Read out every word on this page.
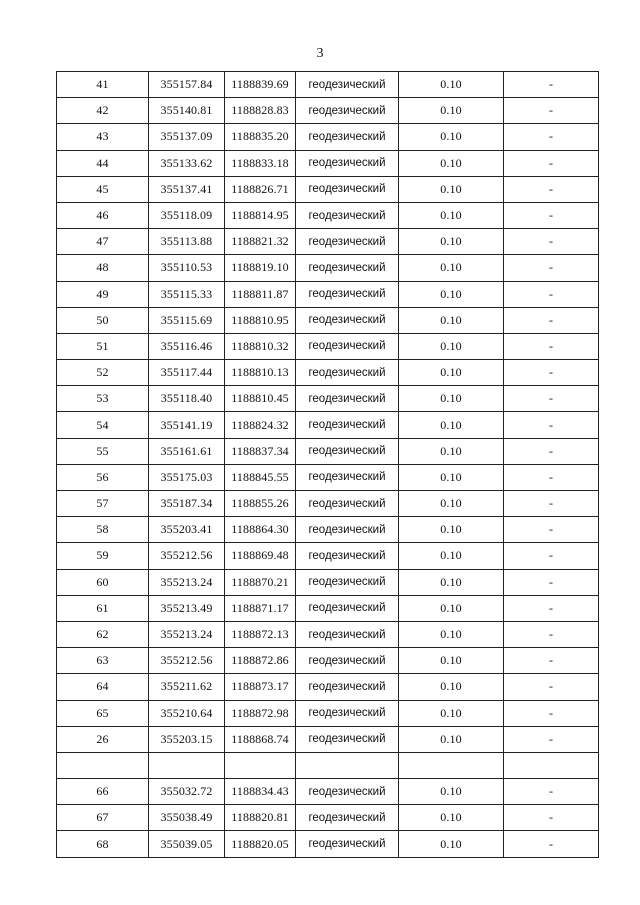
3
41	355157.84	1188839.69	геодезический	0.10	-
42	355140.81	1188828.83	геодезический	0.10	-
43	355137.09	1188835.20	геодезический	0.10	-
44	355133.62	1188833.18	геодезический	0.10	-
45	355137.41	1188826.71	геодезический	0.10	-
46	355118.09	1188814.95	геодезический	0.10	-
47	355113.88	1188821.32	геодезический	0.10	-
48	355110.53	1188819.10	геодезический	0.10	-
49	355115.33	1188811.87	геодезический	0.10	-
50	355115.69	1188810.95	геодезический	0.10	-
51	355116.46	1188810.32	геодезический	0.10	-
52	355117.44	1188810.13	геодезический	0.10	-
53	355118.40	1188810.45	геодезический	0.10	-
54	355141.19	1188824.32	геодезический	0.10	-
55	355161.61	1188837.34	геодезический	0.10	-
56	355175.03	1188845.55	геодезический	0.10	-
57	355187.34	1188855.26	геодезический	0.10	-
58	355203.41	1188864.30	геодезический	0.10	-
59	355212.56	1188869.48	геодезический	0.10	-
60	355213.24	1188870.21	геодезический	0.10	-
61	355213.49	1188871.17	геодезический	0.10	-
62	355213.24	1188872.13	геодезический	0.10	-
63	355212.56	1188872.86	геодезический	0.10	-
64	355211.62	1188873.17	геодезический	0.10	-
65	355210.64	1188872.98	геодезический	0.10	-
26	355203.15	1188868.74	геодезический	0.10	-

66	355032.72	1188834.43	геодезический	0.10	-
67	355038.49	1188820.81	геодезический	0.10	-
68	355039.05	1188820.05	геодезический	0.10	-
